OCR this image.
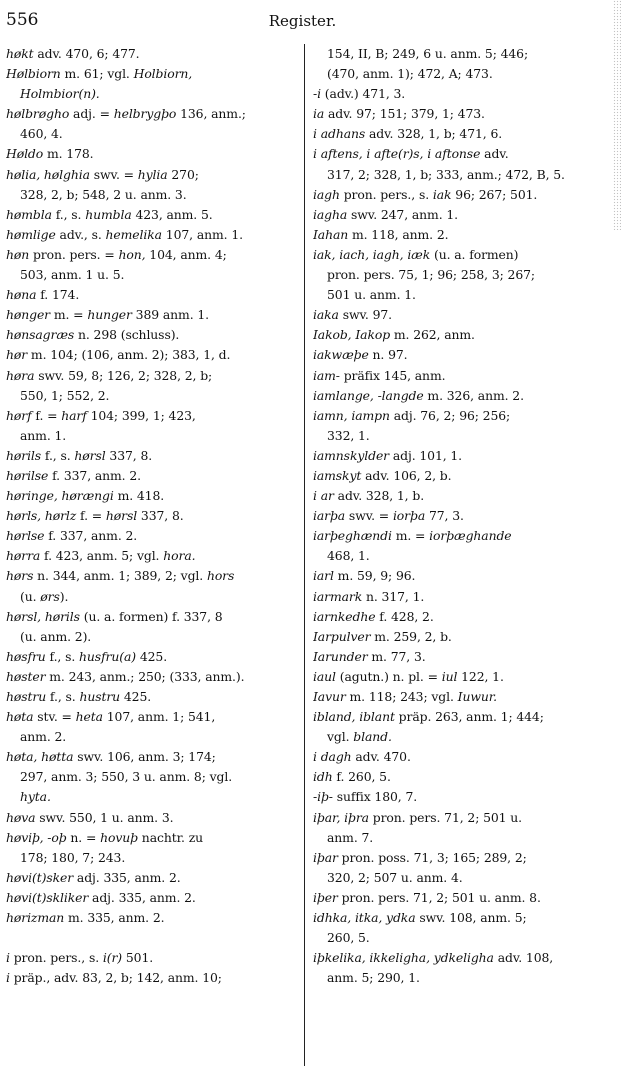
556	Register.
høkt adv. 470, 6; 477.
Hølbiorn m. 61; vgl. Holbiorn,
Holmbior(n).
hølbrøgho adj. = helbrygþo 136, anm.;
460, 4.
Høldo m. 178.
hølia, hølghia swv. = hylia 270;
328, 2, b; 548, 2 u. anm. 3.
hømbla f., s. humbla 423, anm. 5.
hømlige adv., s. hemelika 107, anm. 1.
høn pron. pers. = hon, 104, anm. 4;
503, anm. 1 u. 5.
høna f. 174.
hønger m. = hunger 389 anm. 1.
hønsagræs n. 298 (schluss).
hør m. 104; (106, anm. 2); 383, 1, d.
høra swv. 59, 8; 126, 2; 328, 2, b;
550, 1; 552, 2.
hørf f. = harf 104; 399, 1; 423,
anm. 1.
hørils f., s. hørsl 337, 8.
hørilse f. 337, anm. 2.
høringe, hørængi m. 418.
hørls, hørlz f. = hørsl 337, 8.
hørlse f. 337, anm. 2.
hørra f. 423, anm. 5; vgl. hora.
hørs n. 344, anm. 1; 389, 2; vgl. hors
(u. ørs).
hørsl, hørils (u. a. formen) f. 337, 8
(u. anm. 2).
høsfru f., s. husfru(a) 425.
høster m. 243, anm.; 250; (333, anm.).
høstru f., s. hustru 425.
høta stv. = heta 107, anm. 1; 541,
anm. 2.
høta, høtta swv. 106, anm. 3; 174;
297, anm. 3; 550, 3 u. anm. 8; vgl.
hyta.
høva swv. 550, 1 u. anm. 3.
høviþ, -oþ n. = hovuþ nachtr. zu
178; 180, 7; 243.
høvi(t)sker adj. 335, anm. 2.
høvi(t)skliker adj. 335, anm. 2.
hørizman m. 335, anm. 2.

i pron. pers., s. i(r) 501.
i präp., adv. 83, 2, b; 142, anm. 10;
154, II, B; 249, 6 u. anm. 5; 446;
(470, anm. 1); 472, A; 473.
-i (adv.) 471, 3.
ia adv. 97; 151; 379, 1; 473.
i adhans adv. 328, 1, b; 471, 6.
i aftens, i afte(r)s, i aftonse adv.
317, 2; 328, 1, b; 333, anm.; 472, B, 5.
iagh pron. pers., s. iak 96; 267; 501.
iagha swv. 247, anm. 1.
Iahan m. 118, anm. 2.
iak, iach, iagh, iæk (u. a. formen)
pron. pers. 75, 1; 96; 258, 3; 267;
501 u. anm. 1.
iaka swv. 97.
Iakob, Iakop m. 262, anm.
iakwæþe n. 97.
iam- präfix 145, anm.
iamlange, -langde m. 326, anm. 2.
iamn, iampn adj. 76, 2; 96; 256;
332, 1.
iamnskylder adj. 101, 1.
iamskyt adv. 106, 2, b.
i ar adv. 328, 1, b.
iarþa swv. = iorþa 77, 3.
iarþeghændi m. = iorþæghande
468, 1.
iarl m. 59, 9; 96.
iarmark n. 317, 1.
iarnkedhe f. 428, 2.
Iarpulver m. 259, 2, b.
Iarunder m. 77, 3.
iaul (agutn.) n. pl. = iul 122, 1.
Iavur m. 118; 243; vgl. Iuwur.
ibland, iblant präp. 263, anm. 1; 444;
vgl. bland.
i dagh adv. 470.
idh f. 260, 5.
-iþ- suffix 180, 7.
iþar, iþra pron. pers. 71, 2; 501 u.
anm. 7.
iþar pron. poss. 71, 3; 165; 289, 2;
320, 2; 507 u. anm. 4.
iþer pron. pers. 71, 2; 501 u. anm. 8.
idhka, itka, ydka swv. 108, anm. 5;
260, 5.
iþkelika, ikkeligha, ydkeligha adv. 108,
anm. 5; 290, 1.
